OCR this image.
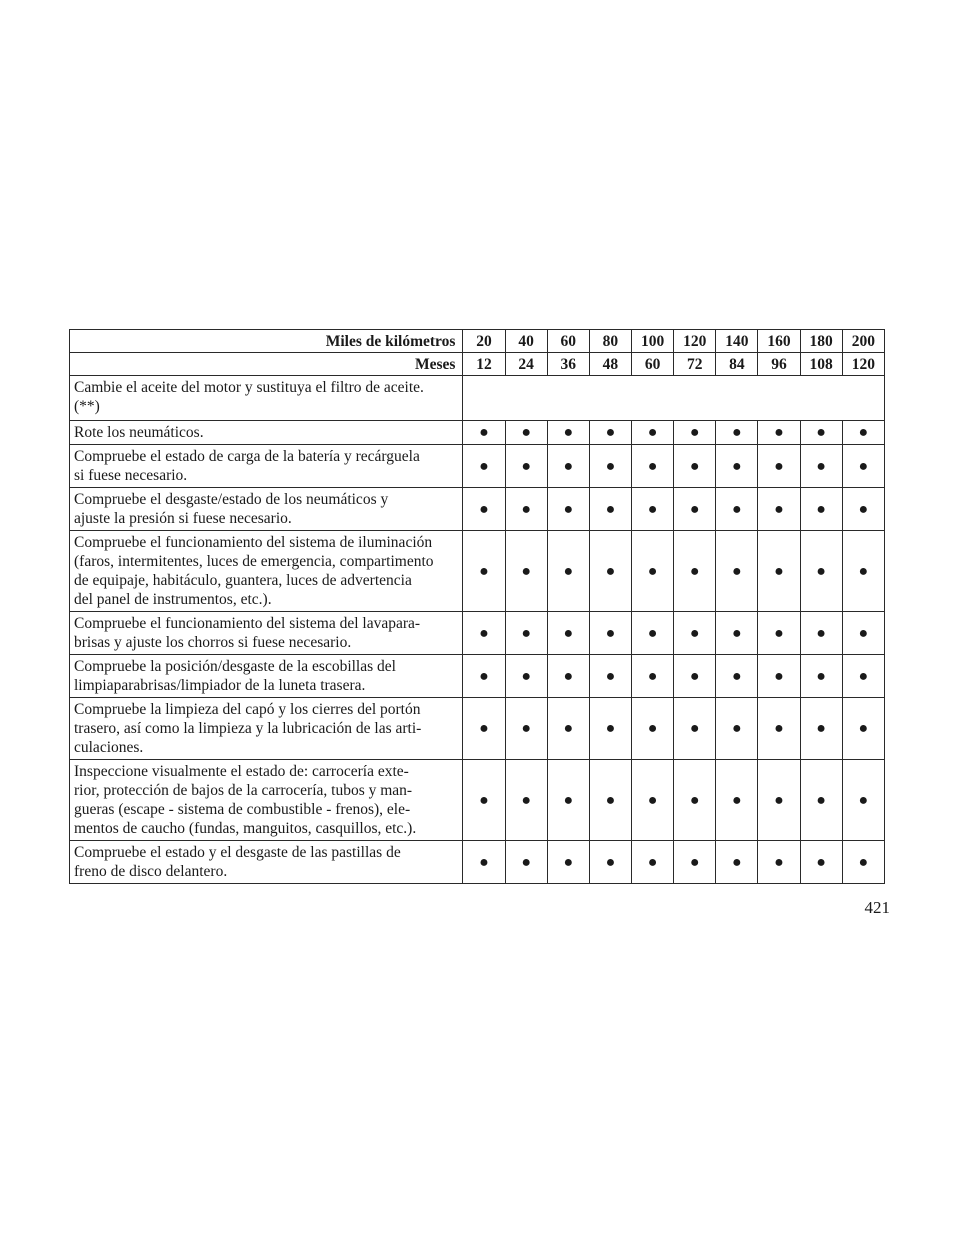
Miles de kilómetros	20	40	60	80	100	120	140	160	180	200
Meses	12	24	36	48	60	72	84	96	108	120
Cambie el aceite del motor y sustituya el filtro de aceite.
(**)										
Rote los neumáticos.	●	●	●	●	●	●	●	●	●	●
Compruebe el estado de carga de la batería y recárguela
si fuese necesario.	●	●	●	●	●	●	●	●	●	●
Compruebe el desgaste/estado de los neumáticos y
ajuste la presión si fuese necesario.	●	●	●	●	●	●	●	●	●	●
Compruebe el funcionamiento del sistema de iluminación
(faros, intermitentes, luces de emergencia, compartimento
de equipaje, habitáculo, guantera, luces de advertencia
del panel de instrumentos, etc.).	●	●	●	●	●	●	●	●	●	●
Compruebe el funcionamiento del sistema del lavapara-
brisas y ajuste los chorros si fuese necesario.	●	●	●	●	●	●	●	●	●	●
Compruebe la posición/desgaste de la escobillas del
limpiaparabrisas/limpiador de la luneta trasera.	●	●	●	●	●	●	●	●	●	●
Compruebe la limpieza del capó y los cierres del portón
trasero, así como la limpieza y la lubricación de las arti-
culaciones.	●	●	●	●	●	●	●	●	●	●
Inspeccione visualmente el estado de: carrocería exte-
rior, protección de bajos de la carrocería, tubos y man-
gueras (escape - sistema de combustible - frenos), ele-
mentos de caucho (fundas, manguitos, casquillos, etc.).	●	●	●	●	●	●	●	●	●	●
Compruebe el estado y el desgaste de las pastillas de
freno de disco delantero.	●	●	●	●	●	●	●	●	●	●
421
